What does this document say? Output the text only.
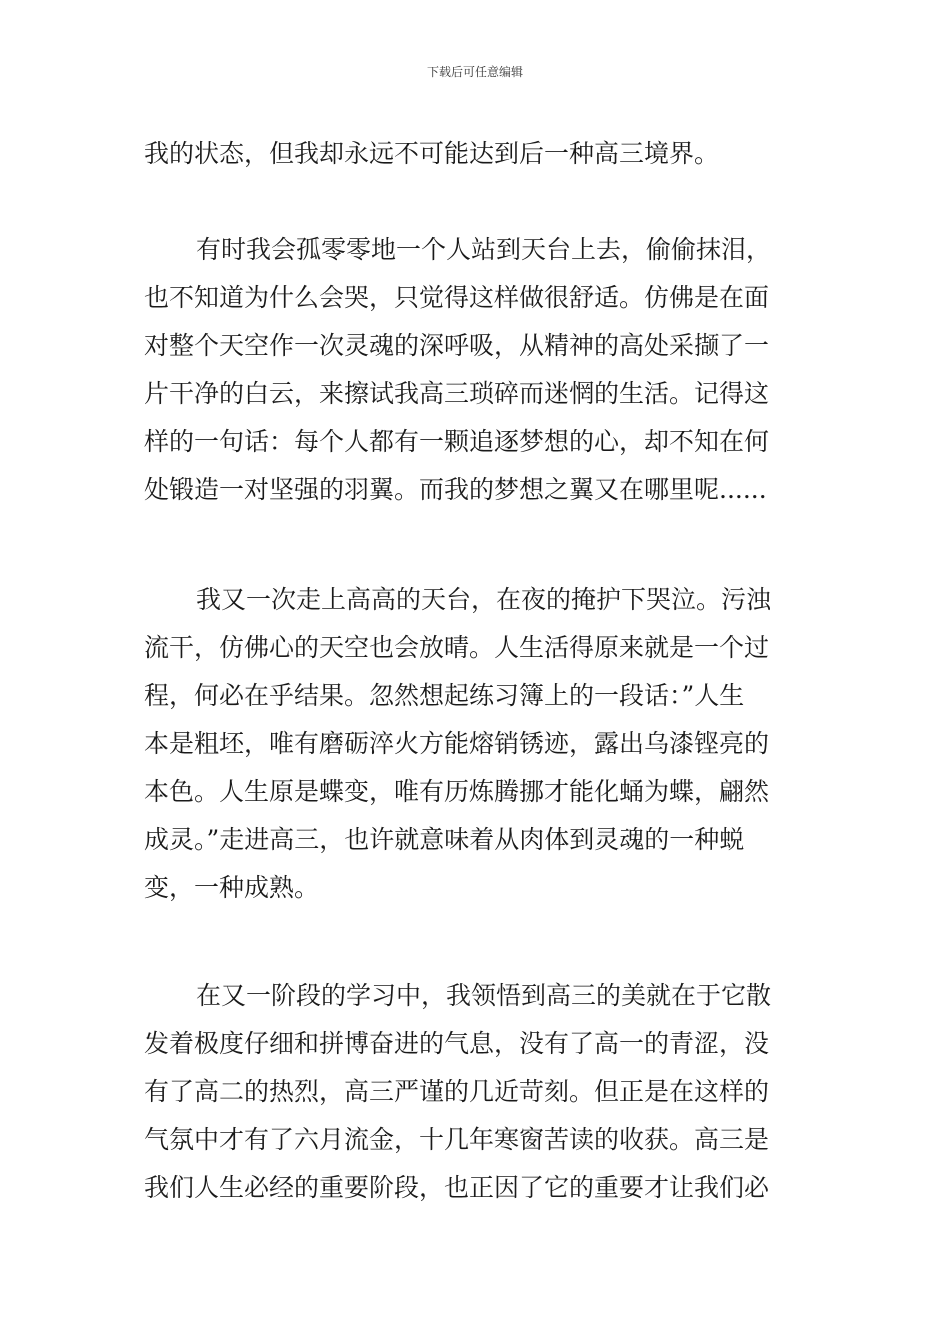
下载后可任意编辑
我的状态，但我却永远不可能达到后一种高三境界。
有时我会孤零零地一个人站到天台上去，偷偷抹泪，
也不知道为什么会哭，只觉得这样做很舒适。仿佛是在面
对整个天空作一次灵魂的深呼吸，从精神的高处采撷了一
片干净的白云，来擦试我高三琐碎而迷惘的生活。记得这
样的一句话：每个人都有一颗追逐梦想的心，却不知在何
处锻造一对坚强的羽翼。而我的梦想之翼又在哪里呢......
我又一次走上高高的天台，在夜的掩护下哭泣。污浊
流干，仿佛心的天空也会放晴。人生活得原来就是一个过
程，何必在乎结果。忽然想起练习簿上的一段话：”人生
本是粗坯，唯有磨砺淬火方能熔销锈迹，露出乌漆铿亮的
本色。人生原是蝶变，唯有历炼腾挪才能化蛹为蝶，翩然
成灵。”走进高三，也许就意味着从肉体到灵魂的一种蜕
变，一种成熟。
在又一阶段的学习中，我领悟到高三的美就在于它散
发着极度仔细和拼博奋进的气息，没有了高一的青涩，没
有了高二的热烈，高三严谨的几近苛刻。但正是在这样的
气氛中才有了六月流金，十几年寒窗苦读的收获。高三是
我们人生必经的重要阶段，也正因了它的重要才让我们必
